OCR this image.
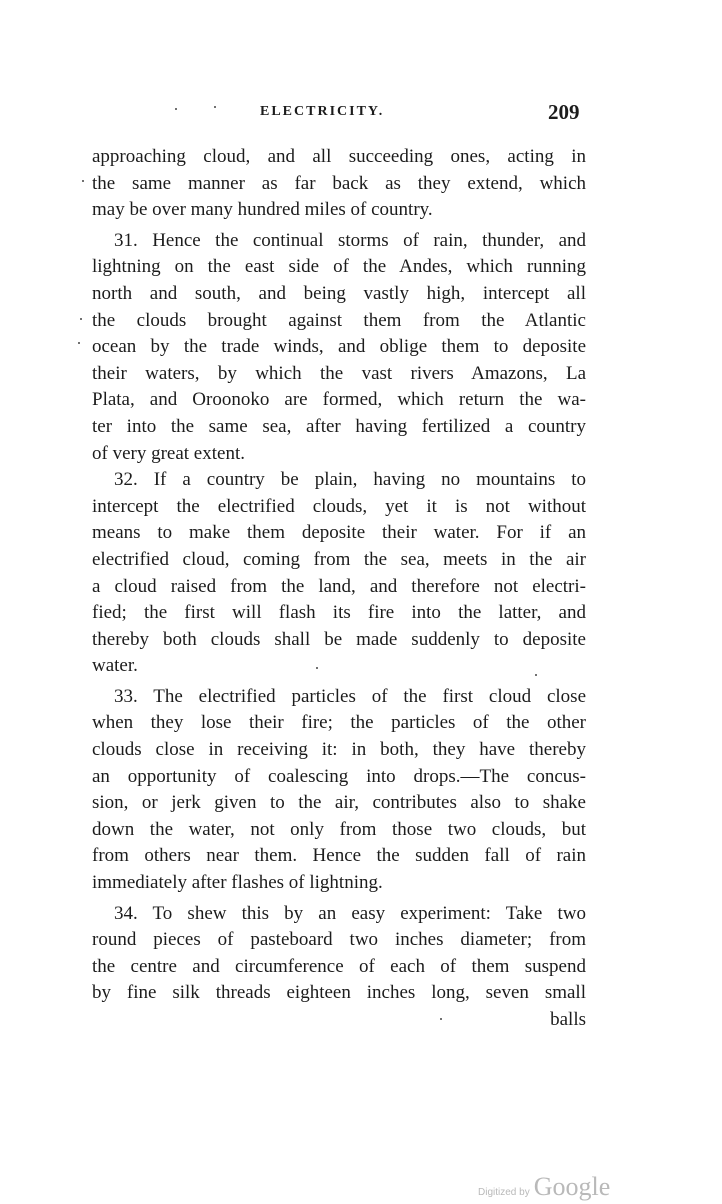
ELECTRICITY.	209
approaching cloud, and all succeeding ones, acting in
the same manner as far back as they extend, which
may be over many hundred miles of country.
31. Hence the continual storms of rain, thunder, and
lightning on the east side of the Andes, which running
north and south, and being vastly high, intercept all
the clouds brought against them from the Atlantic
ocean by the trade winds, and oblige them to deposite
their waters, by which the vast rivers Amazons, La
Plata, and Oroonoko are formed, which return the wa-
ter into the same sea, after having fertilized a country
of very great extent.
32. If a country be plain, having no mountains to
intercept the electrified clouds, yet it is not without
means to make them deposite their water. For if an
electrified cloud, coming from the sea, meets in the air
a cloud raised from the land, and therefore not electri-
fied; the first will flash its fire into the latter, and
thereby both clouds shall be made suddenly to deposite
water.
33. The electrified particles of the first cloud close
when they lose their fire; the particles of the other
clouds close in receiving it: in both, they have thereby
an opportunity of coalescing into drops.—The concus-
sion, or jerk given to the air, contributes also to shake
down the water, not only from those two clouds, but
from others near them. Hence the sudden fall of rain
immediately after flashes of lightning.
34. To shew this by an easy experiment: Take two
round pieces of pasteboard two inches diameter; from
the centre and circumference of each of them suspend
by fine silk threads eighteen inches long, seven small
balls
Digitized by Google
